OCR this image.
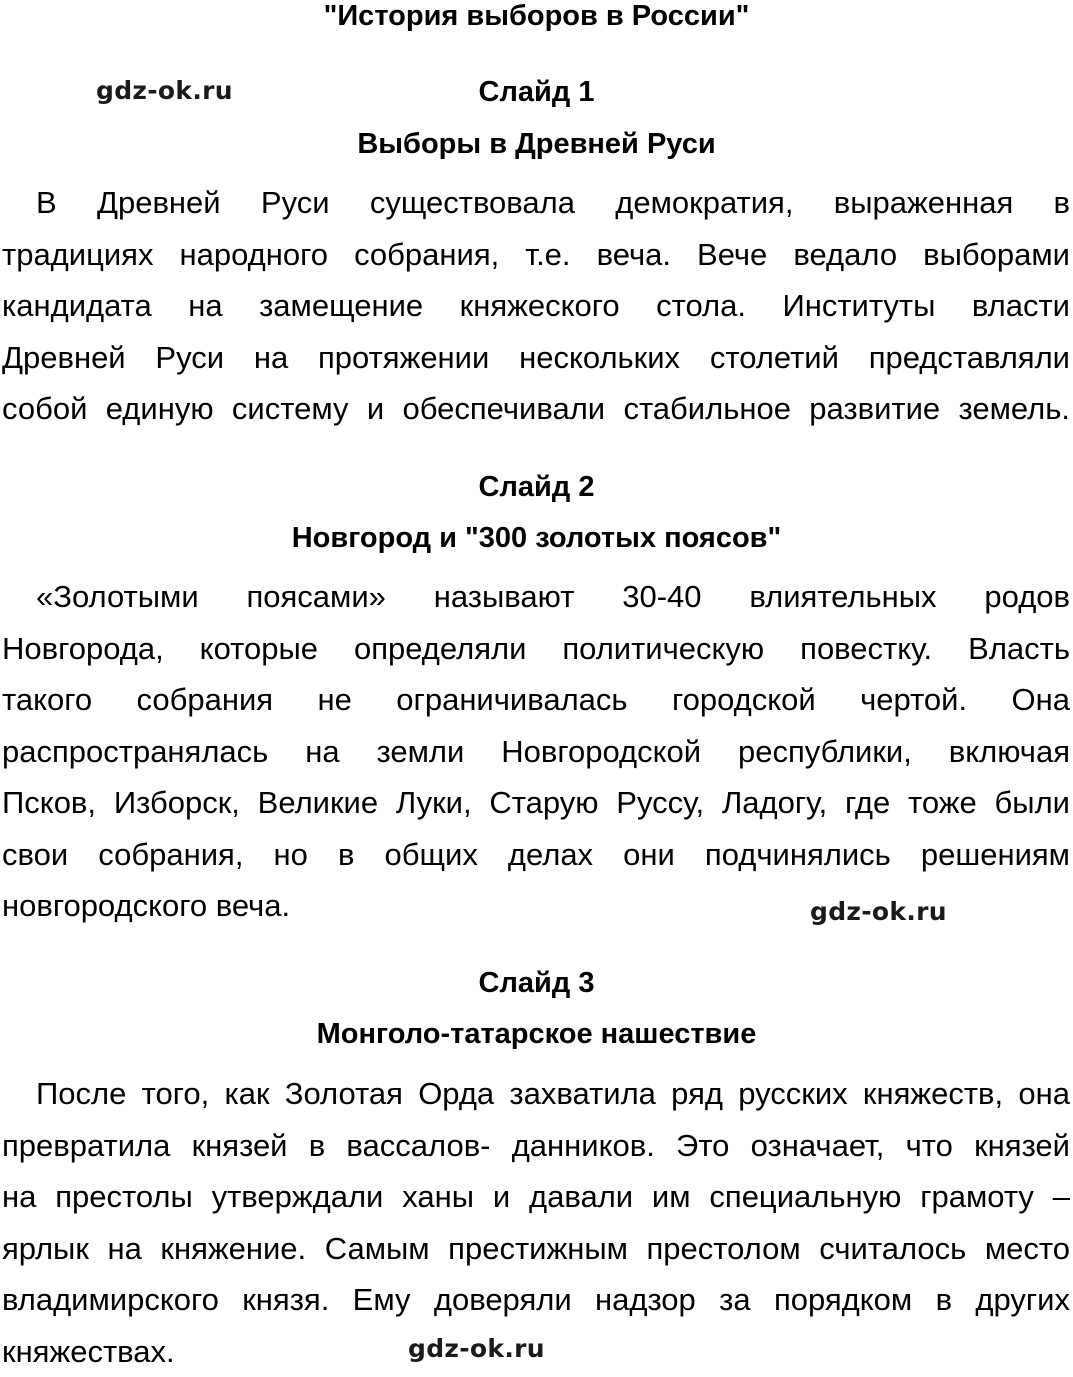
"История выборов в России"
gdz-ok.ru	Слайд 1
Выборы в Древней Руси
В Древней Руси существовала демократия, выраженная в
традициях народного собрания, т.е. веча. Вече ведало выборами
кандидата на замещение княжеского стола. Институты власти
Древней Руси на протяжении нескольких столетий представляли
собой единую систему и обеспечивали стабильное развитие земель.
Слайд 2
Новгород и "300 золотых поясов"
«Золотыми поясами» называют 30-40 влиятельных родов
Новгорода, которые определяли политическую повестку. Власть
такого собрания не ограничивалась городской чертой. Она
распространялась на земли Новгородской республики, включая
Псков, Изборск, Великие Луки, Старую Руссу, Ладогу, где тоже были
свои собрания, но в общих делах они подчинялись решениям
новгородского веча.	gdz-ok.ru
Слайд 3
Монголо-татарское нашествие
После того, как Золотая Орда захватила ряд русских княжеств, она
превратила князей в вассалов- данников. Это означает, что князей
на престолы утверждали ханы и давали им специальную грамоту –
ярлык на княжение. Самым престижным престолом считалось место
владимирского князя. Ему доверяли надзор за порядком в других
княжествах.	gdz-ok.ru
